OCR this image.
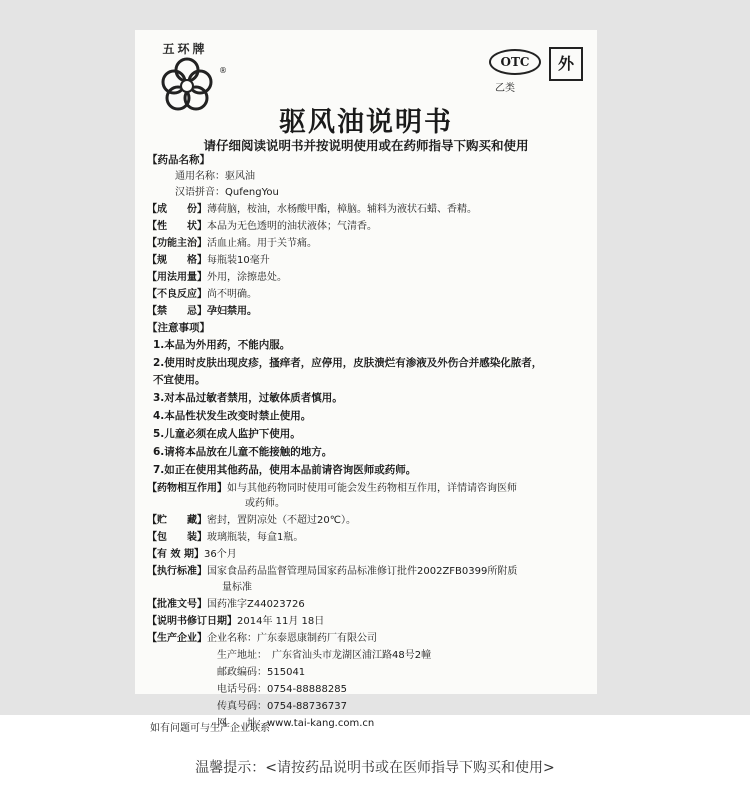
温馨提示：<请按药品说明书或在医师指导下购买和使用>
五环牌
®
OTC
乙类
外
驱风油说明书
请仔细阅读说明书并按说明使用或在药师指导下购买和使用
【药品名称】
通用名称：驱风油
汉语拼音：QufengYou
【成　　份】薄荷脑，桉油，水杨酸甲酯，樟脑。辅料为液状石蜡、香精。
【性　　状】本品为无色透明的油状液体；气清香。
【功能主治】活血止痛。用于关节痛。
【规　　格】每瓶装10毫升
【用法用量】外用，涂擦患处。
【不良反应】尚不明确。
【禁　　忌】孕妇禁用。
【注意事项】
1.本品为外用药，不能内服。
2.使用时皮肤出现皮疹，搔痒者，应停用，皮肤溃烂有渗液及外伤合并感染化脓者，
不宜使用。
3.对本品过敏者禁用，过敏体质者慎用。
4.本品性状发生改变时禁止使用。
5.儿童必须在成人监护下使用。
6.请将本品放在儿童不能接触的地方。
7.如正在使用其他药品，使用本品前请咨询医师或药师。
【药物相互作用】如与其他药物同时使用可能会发生药物相互作用，详情请咨询医师
或药师。
【贮　　藏】密封，置阴凉处（不超过20℃）。
【包　　装】玻璃瓶装，每盒1瓶。
【有 效 期】36个月
【执行标准】国家食品药品监督管理局国家药品标准修订批件2002ZFB0399所附质
量标准
【批准文号】国药准字Z44023726
【说明书修订日期】2014年 11月 18日
【生产企业】企业名称：广东泰恩康制药厂有限公司
生产地址：　广东省汕头市龙湖区浦江路48号2幢
邮政编码：515041
电话号码：0754-88888285
传真号码：0754-88736737
网　　址：www.tai-kang.com.cn
如有问题可与生产企业联系
